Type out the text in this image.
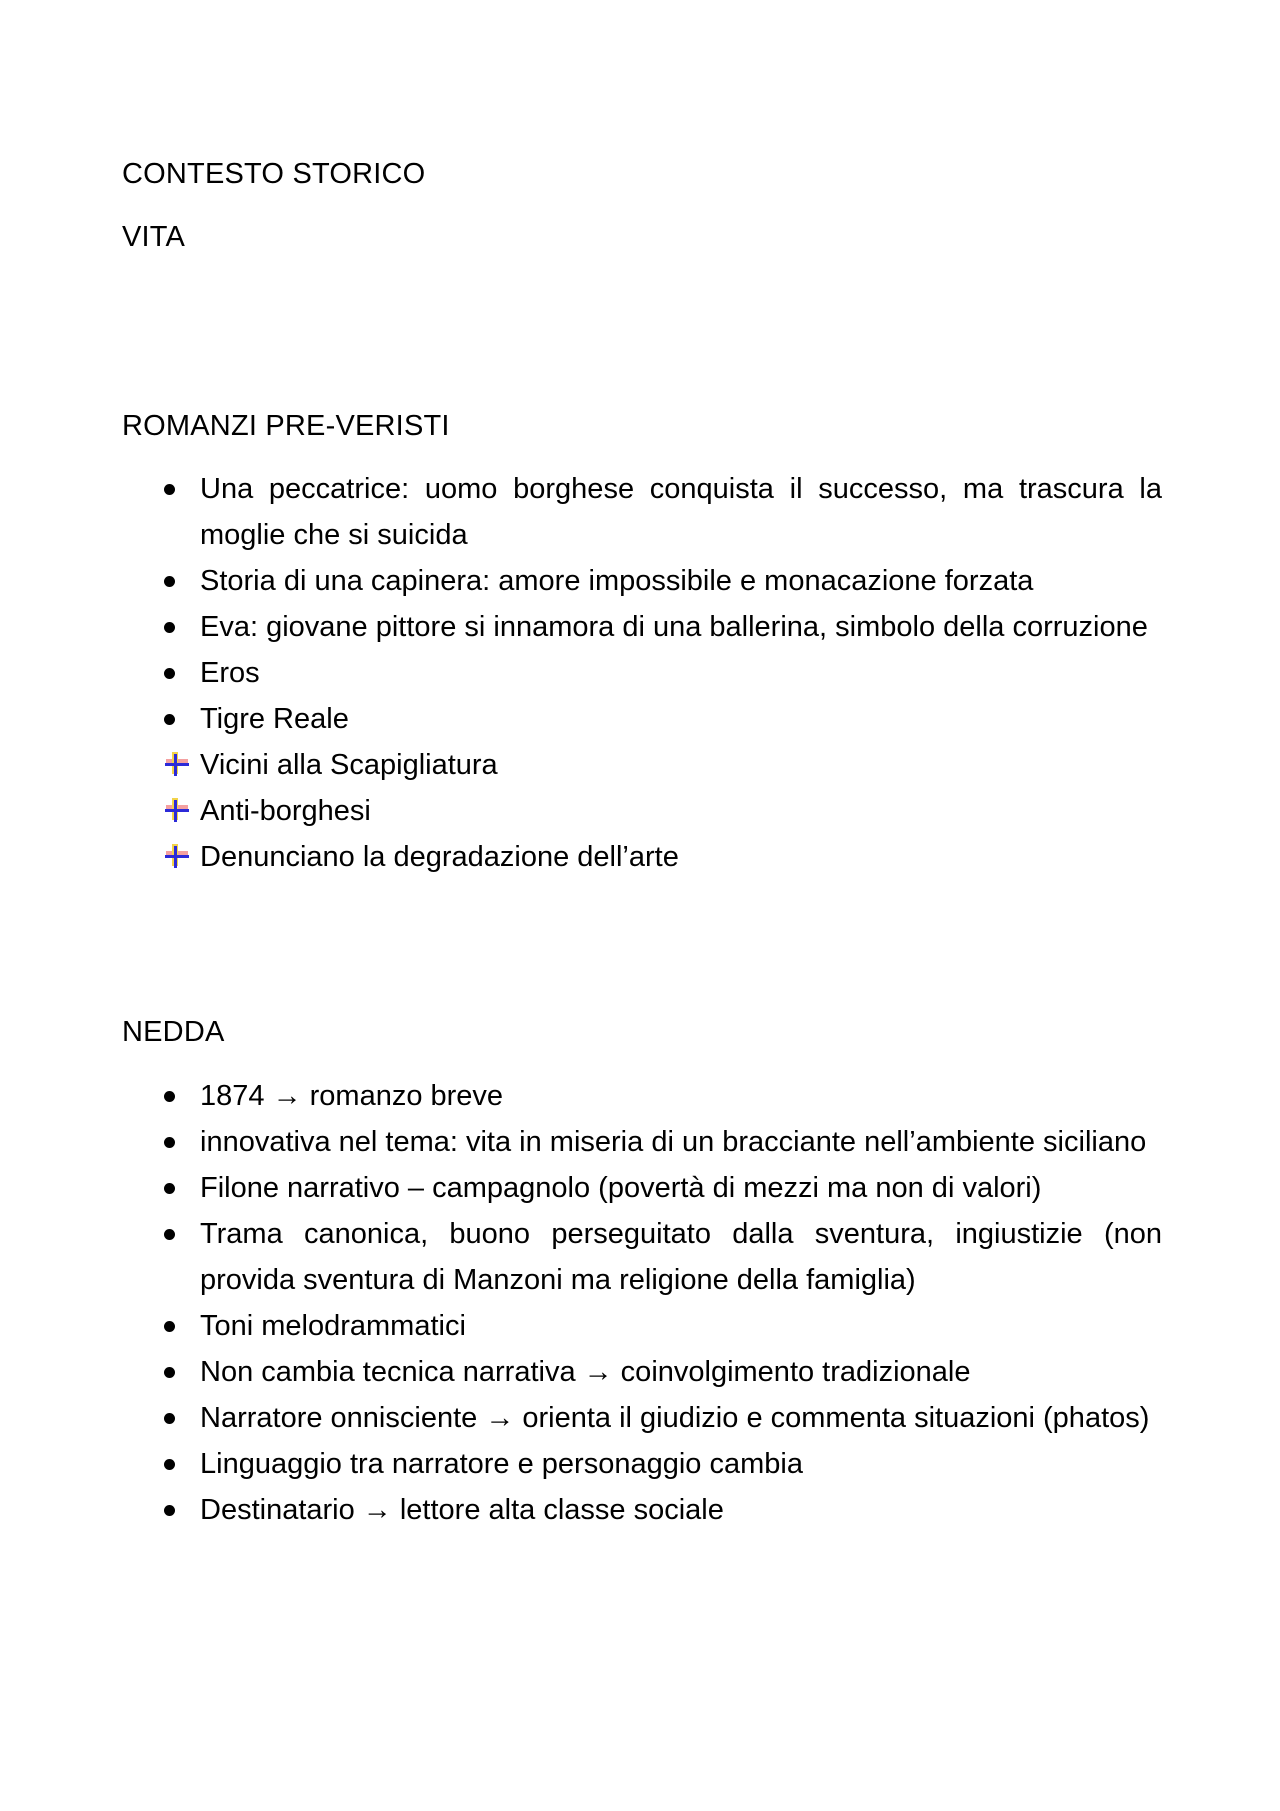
CONTESTO STORICO
VITA
ROMANZI PRE-VERISTI
Una peccatrice: uomo borghese conquista il successo, ma trascura la moglie che si suicida
Storia di una capinera: amore impossibile e monacazione forzata
Eva: giovane pittore si innamora di una ballerina, simbolo della corruzione
Eros
Tigre Reale
Vicini alla Scapigliatura
Anti-borghesi
Denunciano la degradazione dell’arte
NEDDA
1874 → romanzo breve
innovativa nel tema: vita in miseria di un bracciante nell’ambiente siciliano
Filone narrativo – campagnolo (povertà di mezzi ma non di valori)
Trama canonica, buono perseguitato dalla sventura, ingiustizie (non provida sventura di Manzoni ma religione della famiglia)
Toni melodrammatici
Non cambia tecnica narrativa → coinvolgimento tradizionale
Narratore onnisciente → orienta il giudizio e commenta situazioni (phatos)
Linguaggio tra narratore e personaggio cambia
Destinatario → lettore alta classe sociale
